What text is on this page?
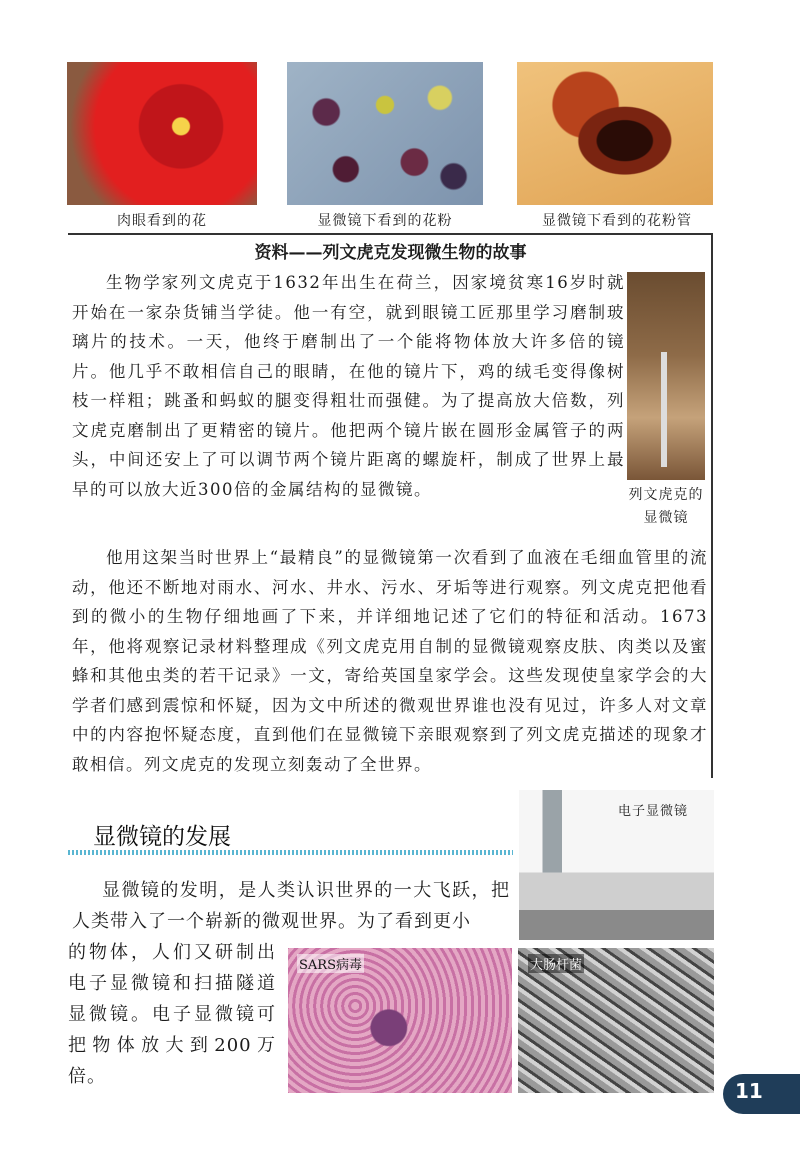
肉眼看到的花	显微镜下看到的花粉	显微镜下看到的花粉管
资料——列文虎克发现微生物的故事
生物学家列文虎克于1632年出生在荷兰，因家境贫寒16岁时就开始在一家杂货铺当学徒。他一有空，就到眼镜工匠那里学习磨制玻璃片的技术。一天，他终于磨制出了一个能将物体放大许多倍的镜片。他几乎不敢相信自己的眼睛，在他的镜片下，鸡的绒毛变得像树枝一样粗；跳蚤和蚂蚁的腿变得粗壮而强健。为了提高放大倍数，列文虎克磨制出了更精密的镜片。他把两个镜片嵌在圆形金属管子的两头，中间还安上了可以调节两个镜片距离的螺旋杆，制成了世界上最早的可以放大近300倍的金属结构的显微镜。	列文虎克的显微镜
他用这架当时世界上“最精良”的显微镜第一次看到了血液在毛细血管里的流动，他还不断地对雨水、河水、井水、污水、牙垢等进行观察。列文虎克把他看到的微小的生物仔细地画了下来，并详细地记述了它们的特征和活动。1673年，他将观察记录材料整理成《列文虎克用自制的显微镜观察皮肤、肉类以及蜜蜂和其他虫类的若干记录》一文，寄给英国皇家学会。这些发现使皇家学会的大学者们感到震惊和怀疑，因为文中所述的微观世界谁也没有见过，许多人对文章中的内容抱怀疑态度，直到他们在显微镜下亲眼观察到了列文虎克描述的现象才敢相信。列文虎克的发现立刻轰动了全世界。
电子显微镜
显微镜的发展
显微镜的发明，是人类认识世界的一大飞跃，把人类带入了一个崭新的微观世界。为了看到更小
的物体，人们又研制出电子显微镜和扫描隧道显微镜。电子显微镜可把物体放大到200万倍。
SARS病毒	大肠杆菌
11
